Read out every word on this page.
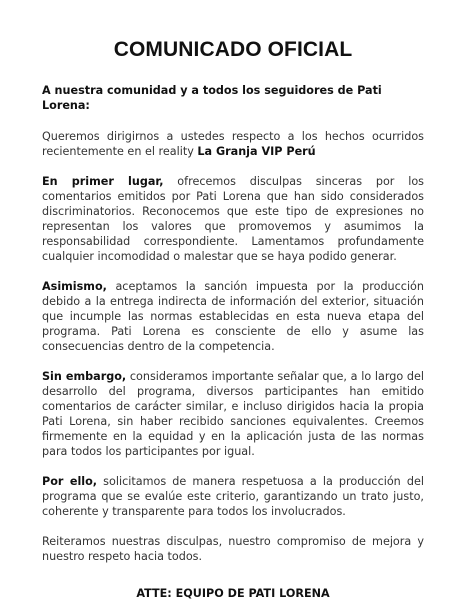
COMUNICADO OFICIAL
A nuestra comunidad y a todos los seguidores de Pati Lorena:

Queremos dirigirnos a ustedes respecto a los hechos ocurridos recientemente en el reality La Granja VIP Perú

En primer lugar, ofrecemos disculpas sinceras por los comentarios emitidos por Pati Lorena que han sido considerados discriminatorios. Reconocemos que este tipo de expresiones no representan los valores que promovemos y asumimos la responsabilidad correspondiente. Lamentamos profundamente cualquier incomodidad o malestar que se haya podido generar.

Asimismo, aceptamos la sanción impuesta por la producción debido a la entrega indirecta de información del exterior, situación que incumple las normas establecidas en esta nueva etapa del programa. Pati Lorena es consciente de ello y asume las consecuencias dentro de la competencia.

Sin embargo, consideramos importante señalar que, a lo largo del desarrollo del programa, diversos participantes han emitido comentarios de carácter similar, e incluso dirigidos hacia la propia Pati Lorena, sin haber recibido sanciones equivalentes. Creemos firmemente en la equidad y en la aplicación justa de las normas para todos los participantes por igual.

Por ello, solicitamos de manera respetuosa a la producción del programa que se evalúe este criterio, garantizando un trato justo, coherente y transparente para todos los involucrados.

Reiteramos nuestras disculpas, nuestro compromiso de mejora y nuestro respeto hacia todos.

ATTE: EQUIPO DE PATI LORENA
